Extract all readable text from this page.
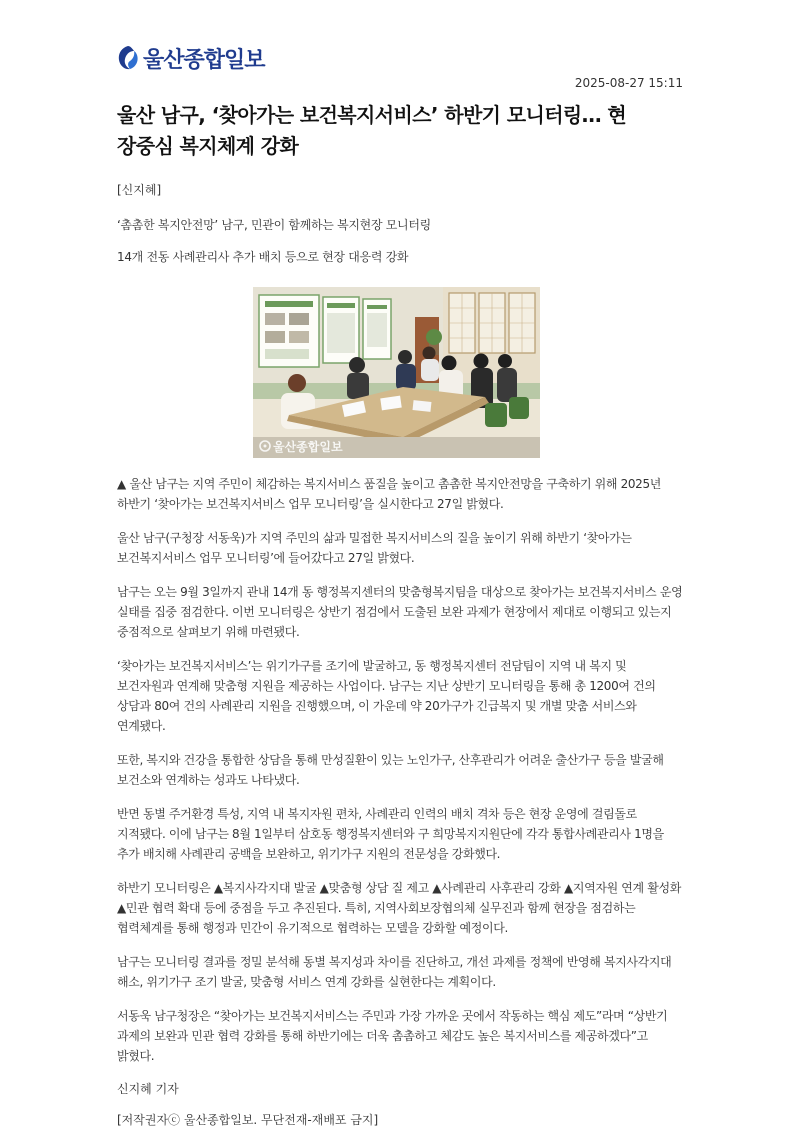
울산종합일보
2025-08-27 15:11
울산 남구, ‘찾아가는 보건복지서비스’ 하반기 모니터링… 현
장중심 복지체계 강화
[신지혜]
‘촘촘한 복지안전망’ 남구, 민관이 함께하는 복지현장 모니터링
14개 전동 사례관리사 추가 배치 등으로 현장 대응력 강화
울산종합일보

▲ 울산 남구는 지역 주민이 체감하는 복지서비스 품질을 높이고 촘촘한 복지안전망을 구축하기 위해 2025년 하반기 ‘찾아가는 보건복지서비스 업무 모니터링’을 실시한다고 27일 밝혔다.

울산 남구(구청장 서동욱)가 지역 주민의 삶과 밀접한 복지서비스의 질을 높이기 위해 하반기 ‘찾아가는 보건복지서비스 업무 모니터링’에 들어갔다고 27일 밝혔다.

남구는 오는 9월 3일까지 관내 14개 동 행정복지센터의 맞춤형복지팀을 대상으로 찾아가는 보건복지서비스 운영 실태를 집중 점검한다. 이번 모니터링은 상반기 점검에서 도출된 보완 과제가 현장에서 제대로 이행되고 있는지 중점적으로 살펴보기 위해 마련됐다.

‘찾아가는 보건복지서비스’는 위기가구를 조기에 발굴하고, 동 행정복지센터 전담팀이 지역 내 복지 및 보건자원과 연계해 맞춤형 지원을 제공하는 사업이다. 남구는 지난 상반기 모니터링을 통해 총 1200여 건의 상담과 80여 건의 사례관리 지원을 진행했으며, 이 가운데 약 20가구가 긴급복지 및 개별 맞춤 서비스와 연계됐다.

또한, 복지와 건강을 통합한 상담을 통해 만성질환이 있는 노인가구, 산후관리가 어려운 출산가구 등을 발굴해 보건소와 연계하는 성과도 나타냈다.

반면 동별 주거환경 특성, 지역 내 복지자원 편차, 사례관리 인력의 배치 격차 등은 현장 운영에 걸림돌로 지적됐다. 이에 남구는 8월 1일부터 삼호동 행정복지센터와 구 희망복지지원단에 각각 통합사례관리사 1명을 추가 배치해 사례관리 공백을 보완하고, 위기가구 지원의 전문성을 강화했다.

하반기 모니터링은 ▲복지사각지대 발굴 ▲맞춤형 상담 질 제고 ▲사례관리 사후관리 강화 ▲지역자원 연계 활성화 ▲민관 협력 확대 등에 중점을 두고 추진된다. 특히, 지역사회보장협의체 실무진과 함께 현장을 점검하는 협력체계를 통해 행정과 민간이 유기적으로 협력하는 모델을 강화할 예정이다.

남구는 모니터링 결과를 정밀 분석해 동별 복지성과 차이를 진단하고, 개선 과제를 정책에 반영해 복지사각지대 해소, 위기가구 조기 발굴, 맞춤형 서비스 연계 강화를 실현한다는 계획이다.

서동욱 남구청장은 “찾아가는 보건복지서비스는 주민과 가장 가까운 곳에서 작동하는 핵심 제도”라며 “상반기 과제의 보완과 민관 협력 강화를 통해 하반기에는 더욱 촘촘하고 체감도 높은 복지서비스를 제공하겠다”고 밝혔다.

신지혜 기자
[저작권자ⓒ 울산종합일보. 무단전재-재배포 금지]
